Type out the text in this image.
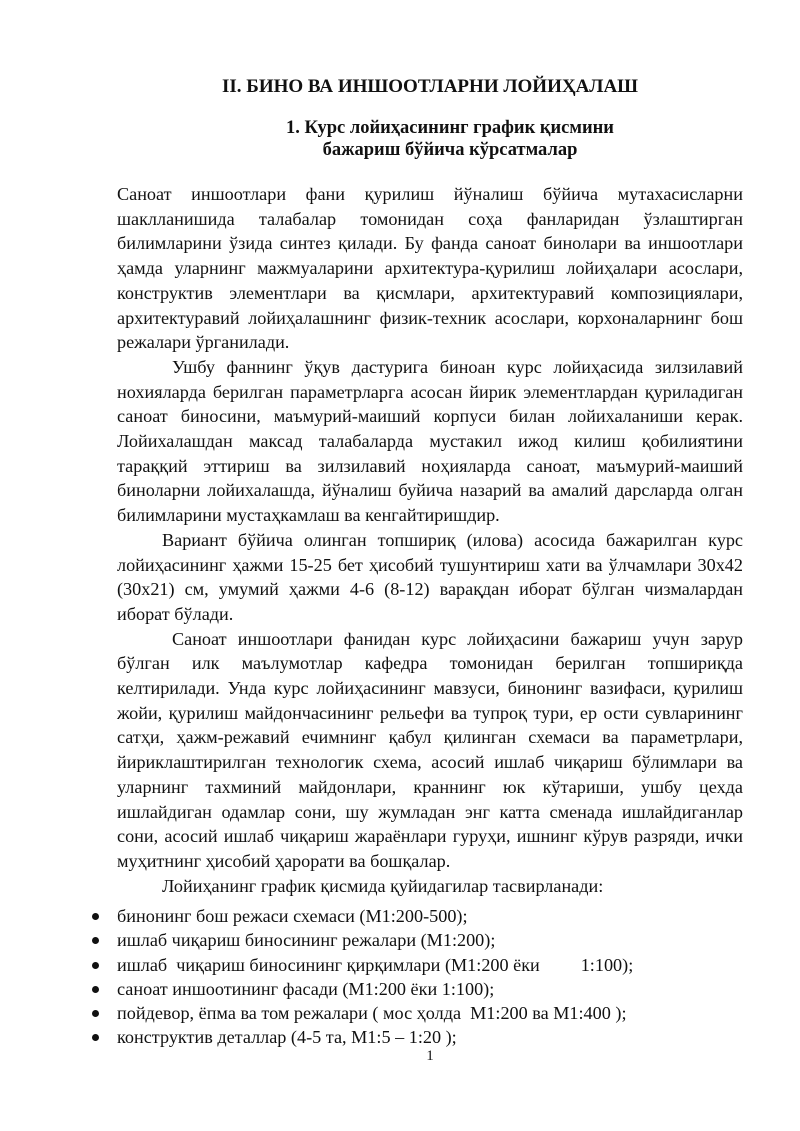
II. БИНО ВА ИНШООТЛАРНИ ЛОЙИҲАЛАШ
1. Курс лойиҳасининг график қисмини
бажариш бўйича кўрсатмалар

Саноат иншоотлари фани қурилиш йўналиш бўйича мутахасисларни шаклланишида талабалар томонидан соҳа фанларидан ўзлаштирган билимларини ўзида синтез қилади. Бу фанда саноат бинолари ва иншоотлари ҳамда уларнинг мажмуаларини архитектура-қурилиш лойиҳалари асослари, конструктив элементлари ва қисмлари, архитектуравий композициялари, архитектуравий лойиҳалашнинг физик-техник асослари, корхоналарнинг бош режалари ўрганилади.

Ушбу фаннинг ўқув дастурига биноан курс лойиҳасида зилзилавий нохияларда берилган параметрларга асосан йирик элементлардан қуриладиган саноат биносини, маъмурий-маиший корпуси билан лойихаланиши керак. Лойихалашдан максад талабаларда мустакил ижод килиш қобилиятини тараққий эттириш ва зилзилавий ноҳияларда саноат, маъмурий-маиший биноларни лойихалашда, йўналиш буйича назарий ва амалий дарсларда олган билимларини мустаҳкамлаш ва кенгайтиришдир.

Вариант бўйича олинган топшириқ (илова) асосида бажарилган курс лойиҳасининг ҳажми 15-25 бет ҳисобий тушунтириш хати ва ўлчамлари 30х42 (30х21) см, умумий ҳажми 4-6 (8-12) варақдан иборат бўлган чизмалардан иборат бўлади.

Саноат иншоотлари фанидан курс лойиҳасини бажариш учун зарур бўлган илк маълумотлар кафедра томонидан берилган топшириқда келтирилади. Унда курс лойиҳасининг мавзуси, бинонинг вазифаси, қурилиш жойи, қурилиш майдончасининг рельефи ва тупроқ тури, ер ости сувларининг сатҳи, ҳажм-режавий ечимнинг қабул қилинган схемаси ва параметрлари, йириклаштирилган технологик схема, асосий ишлаб чиқариш бўлимлари ва уларнинг тахминий майдонлари, краннинг юк кўтариши, ушбу цехда ишлайдиган одамлар сони, шу жумладан энг катта сменада ишлайдиганлар сони, асосий ишлаб чиқариш жараёнлари гуруҳи, ишнинг кўрув разряди, ички муҳитнинг ҳисобий ҳарорати ва бошқалар.

Лойиҳанинг график қисмида қуйидагилар тасвирланади:

бинонинг бош режаси схемаси (М1:200-500);
ишлаб чиқариш биносининг режалари (М1:200);
ишлаб  чиқариш биносининг қирқимлари (М1:200 ёки         1:100);
саноат иншоотининг фасади (М1:200 ёки 1:100);
пойдевор, ёпма ва том режалари ( мос ҳолда  М1:200 ва М1:400 );
конструктив деталлар (4-5 та, М1:5 – 1:20 );
1
